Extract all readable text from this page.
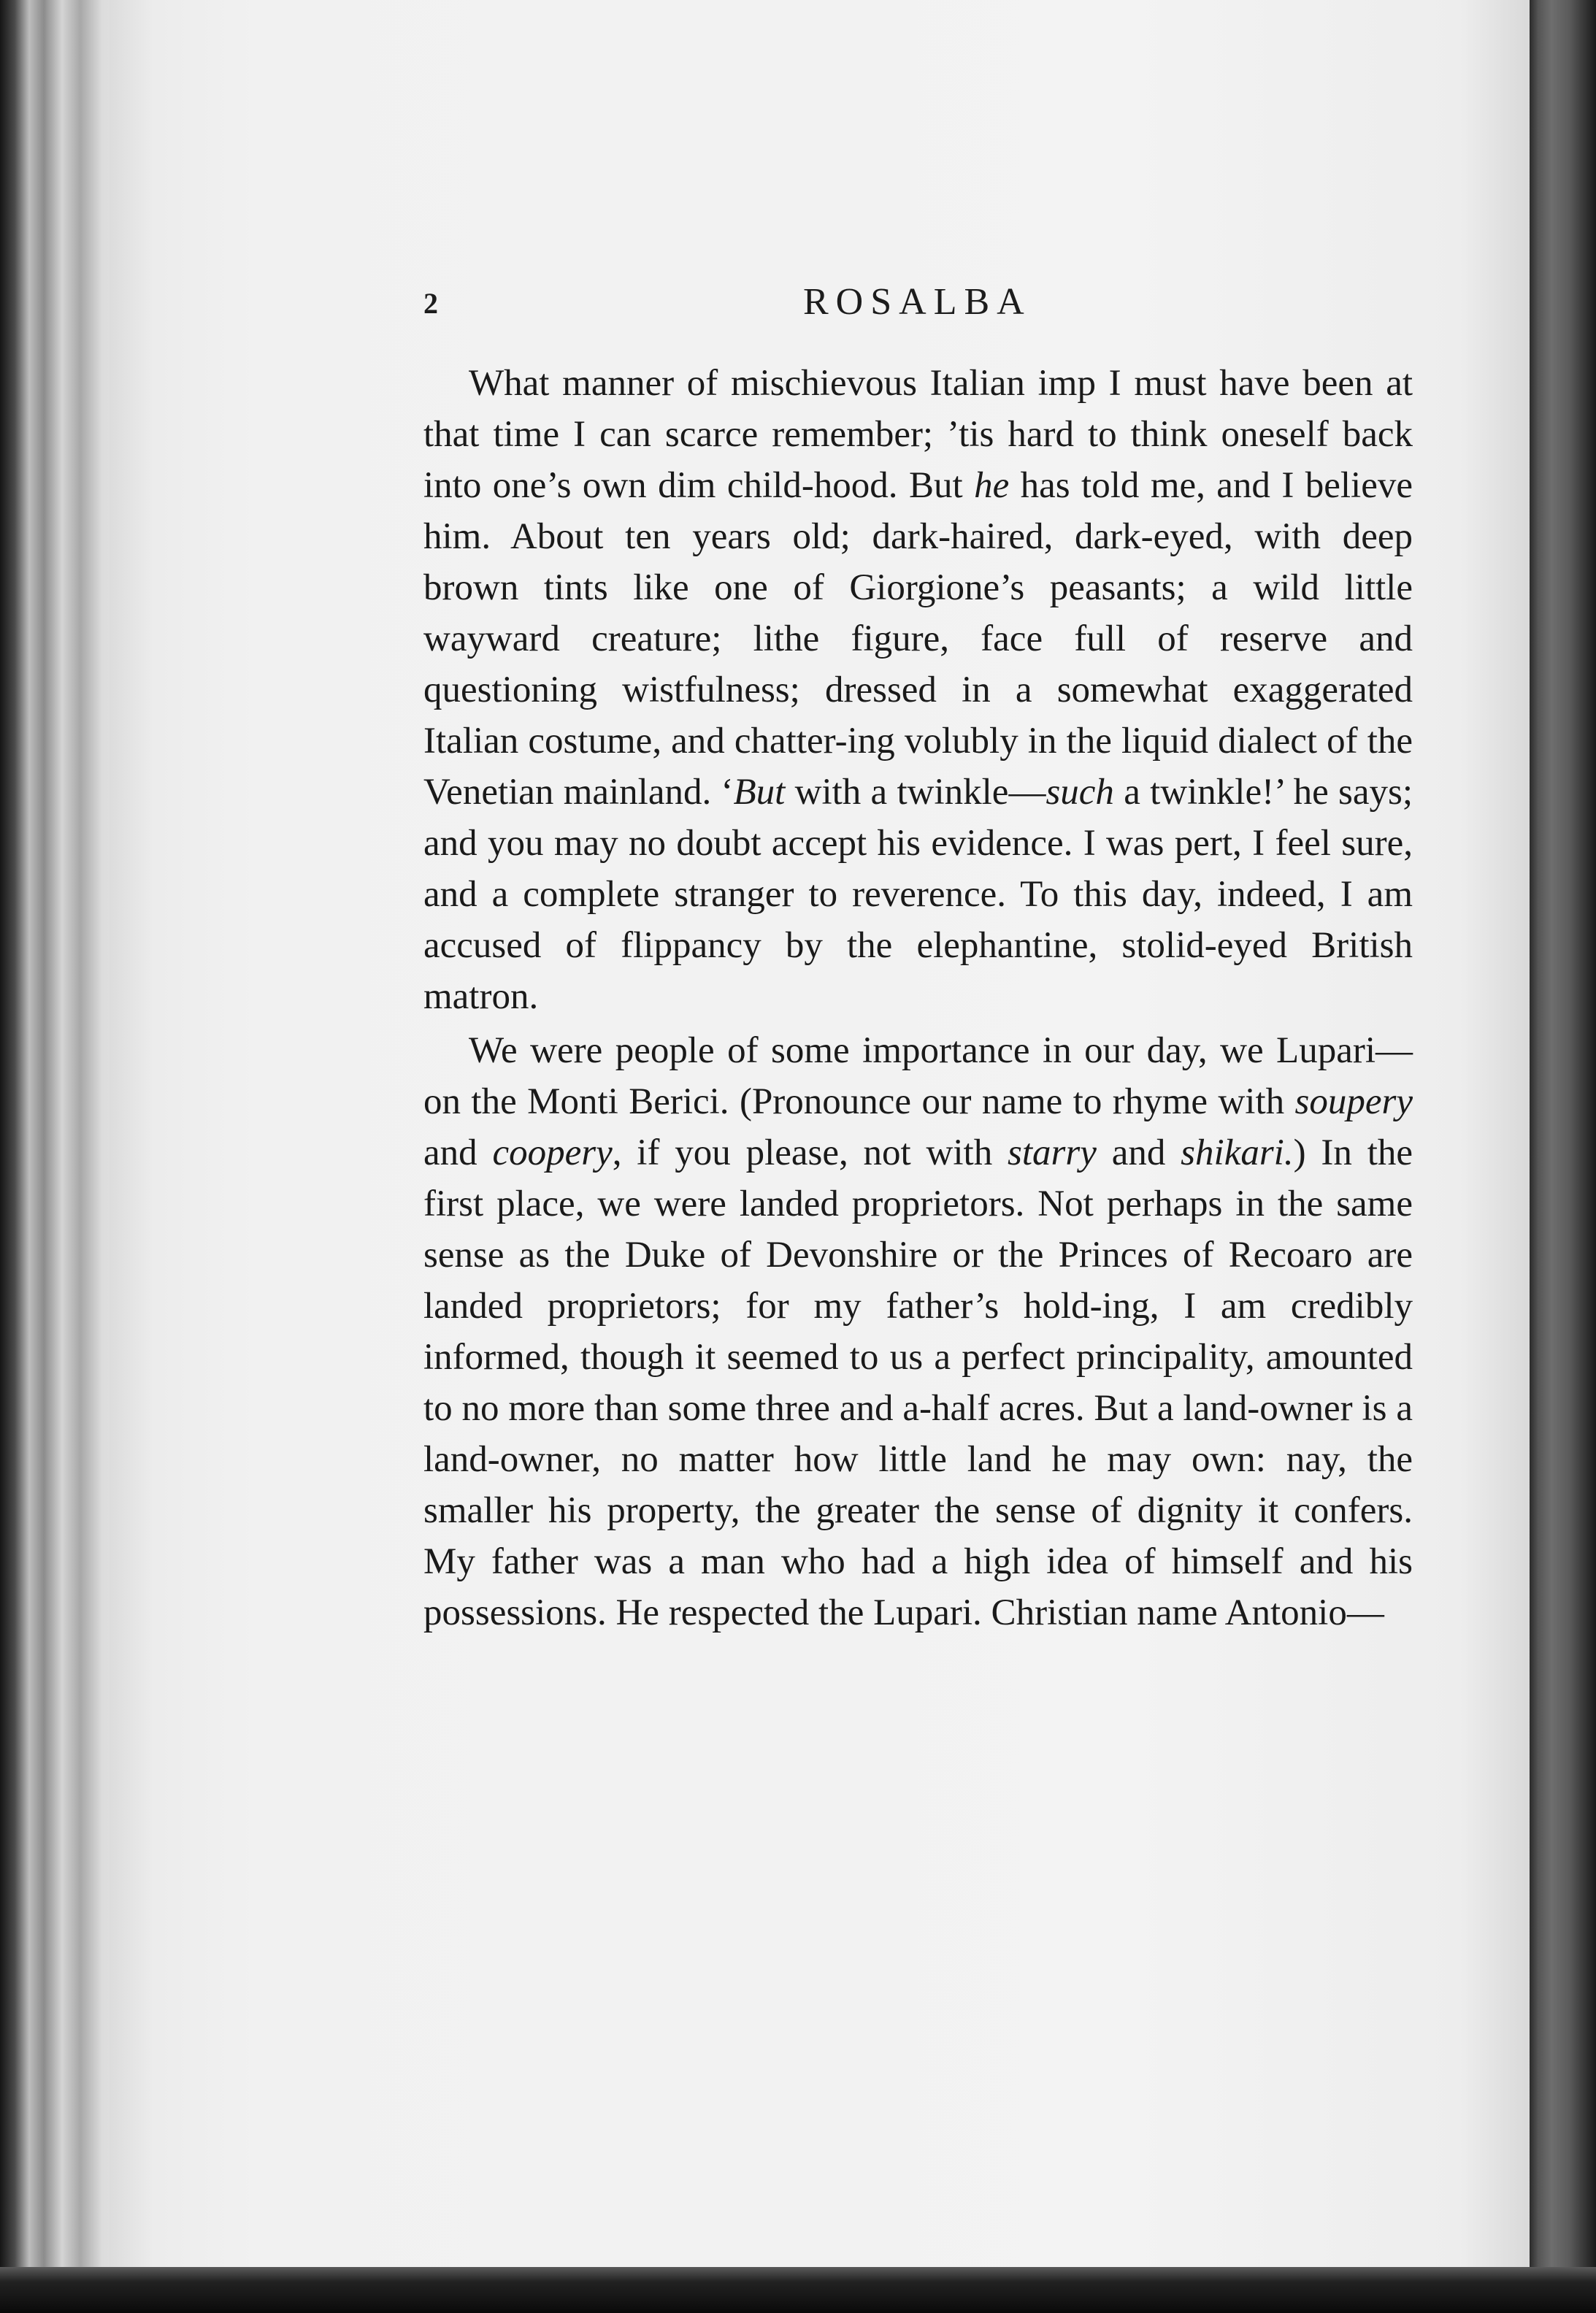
2	ROSALBA

What manner of mischievous Italian imp I must have been at that time I can scarce remember; ’tis hard to think oneself back into one’s own dim child-hood. But he has told me, and I believe him. About ten years old; dark-haired, dark-eyed, with deep brown tints like one of Giorgione’s peasants; a wild little wayward creature; lithe figure, face full of reserve and questioning wistfulness; dressed in a somewhat exaggerated Italian costume, and chatter-ing volubly in the liquid dialect of the Venetian mainland. ‘But with a twinkle—such a twinkle!’ he says; and you may no doubt accept his evidence. I was pert, I feel sure, and a complete stranger to reverence. To this day, indeed, I am accused of flippancy by the elephantine, stolid-eyed British matron.

We were people of some importance in our day, we Lupari—on the Monti Berici. (Pronounce our name to rhyme with soupery and coopery, if you please, not with starry and shikari.) In the first place, we were landed proprietors. Not perhaps in the same sense as the Duke of Devonshire or the Princes of Recoaro are landed proprietors; for my father’s hold-ing, I am credibly informed, though it seemed to us a perfect principality, amounted to no more than some three and a-half acres. But a land-owner is a land-owner, no matter how little land he may own: nay, the smaller his property, the greater the sense of dignity it confers. My father was a man who had a high idea of himself and his possessions. He respected the Lupari. Christian name Antonio—
